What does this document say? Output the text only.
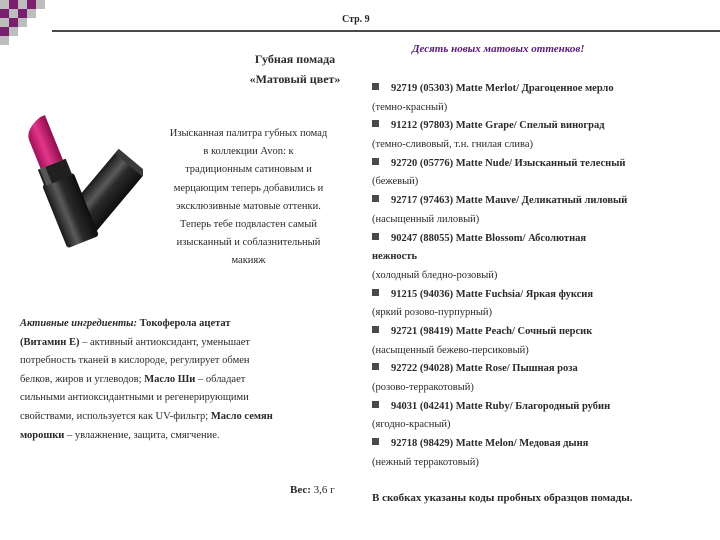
Стр. 9
Губная помада
«Матовый цвет»
Изысканная палитра губных помад
в коллекции Avon: к
традиционным сатиновым и
мерцающим теперь добавились и
эксклюзивные матовые оттенки.
Теперь тебе подвластен самый
изысканный и соблазнительный
макияж
Активные ингредиенты: Токоферола ацетат
(Витамин Е) – активный антиоксидант, уменьшает
потребность тканей в кислороде, регулирует обмен
белков, жиров и углеводов; Масло Ши – обладает
сильными антиоксидантными и регенерирующими
свойствами, используется как UV-фильтр; Масло семян
морошки – увлажнение, защита, смягчение.
Вес: 3,6 г
Десять новых матовых оттенков!
92719 (05303) Matte Merlot/ Драгоценное мерло
(темно-красный)
91212 (97803) Matte Grape/ Спелый виноград
(темно-сливовый, т.н. гнилая слива)
92720 (05776) Matte Nude/ Изысканный телесный
(бежевый)
92717 (97463) Matte Mauve/ Деликатный лиловый
(насыщенный лиловый)
90247 (88055) Matte Blossom/ Абсолютная
нежность
(холодный бледно-розовый)
91215 (94036) Matte Fuchsia/ Яркая фуксия
(яркий розово-пурпурный)
92721 (98419) Matte Peach/ Сочный персик
(насыщенный бежево-персиковый)
92722 (94028) Matte Rose/ Пышная роза
(розово-терракотовый)
94031 (04241) Matte Ruby/ Благородный рубин
(ягодно-красный)
92718 (98429) Matte Melon/ Медовая дыня
(нежный терракотовый)
В скобках указаны коды пробных образцов помады.
